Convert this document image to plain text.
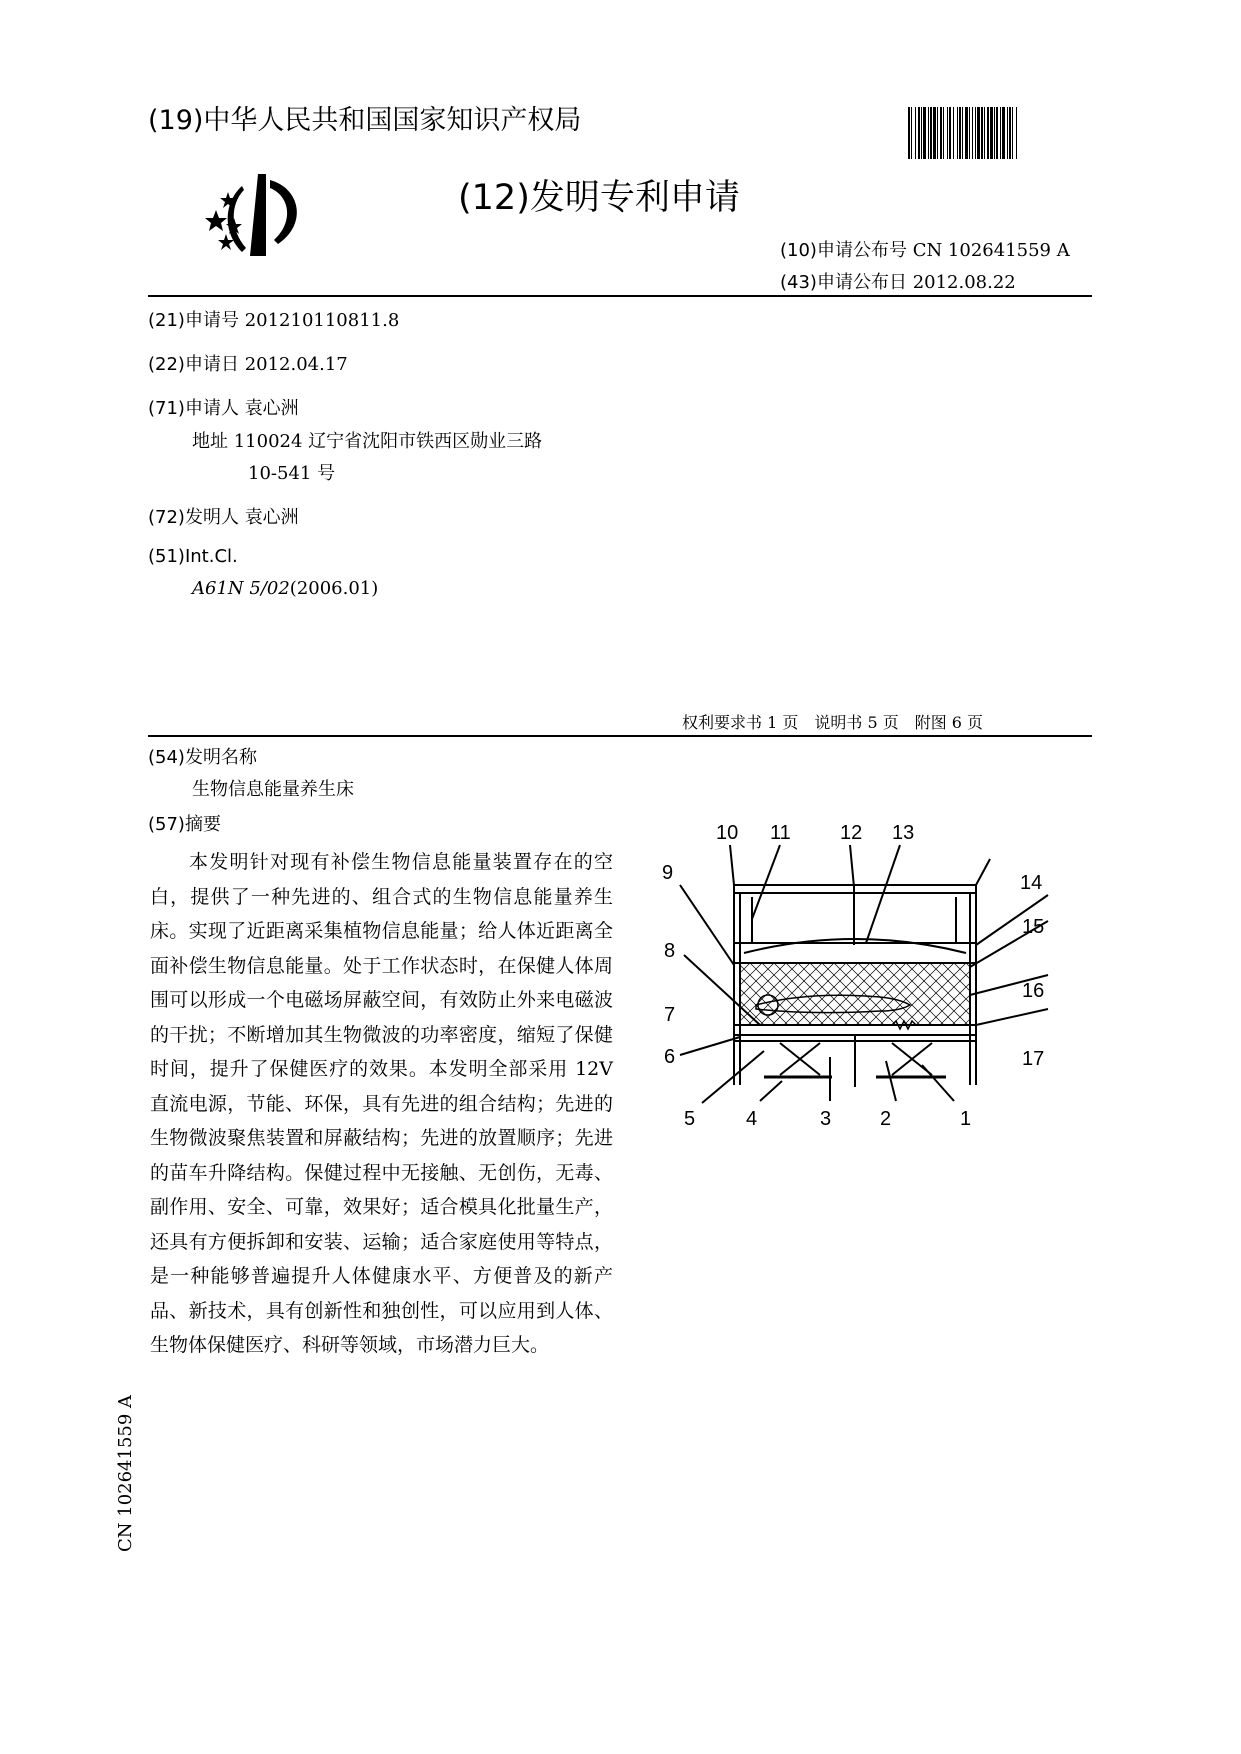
(19)中华人民共和国国家知识产权局
(12)发明专利申请
(10)申请公布号 CN 102641559 A
(43)申请公布日 2012.08.22
(21)申请号 201210110811.8
(22)申请日 2012.04.17
(71)申请人 袁心洲
地址 110024 辽宁省沈阳市铁西区勋业三路
10-541 号
(72)发明人 袁心洲
(51)Int.Cl.
A61N 5/02(2006.01)
权利要求书 1 页　说明书 5 页　附图 6 页
(54)发明名称
生物信息能量养生床
(57)摘要

本发明针对现有补偿生物信息能量装置存在的空白，提供了一种先进的、组合式的生物信息能量养生床。实现了近距离采集植物信息能量；给人体近距离全面补偿生物信息能量。处于工作状态时，在保健人体周围可以形成一个电磁场屏蔽空间，有效防止外来电磁波的干扰；不断增加其生物微波的功率密度，缩短了保健时间，提升了保健医疗的效果。本发明全部采用 12V 直流电源，节能、环保，具有先进的组合结构；先进的生物微波聚焦装置和屏蔽结构；先进的放置顺序；先进的苗车升降结构。保健过程中无接触、无创伤，无毒、副作用、安全、可靠，效果好；适合模具化批量生产，还具有方便拆卸和安装、运输；适合家庭使用等特点，是一种能够普遍提升人体健康水平、方便普及的新产品、新技术，具有创新性和独创性，可以应用到人体、生物体保健医疗、科研等领域，市场潜力巨大。

10 11 12 13
9	14
8
15
7
16
6	17
5	4	3 2	1
CN 102641559 A
